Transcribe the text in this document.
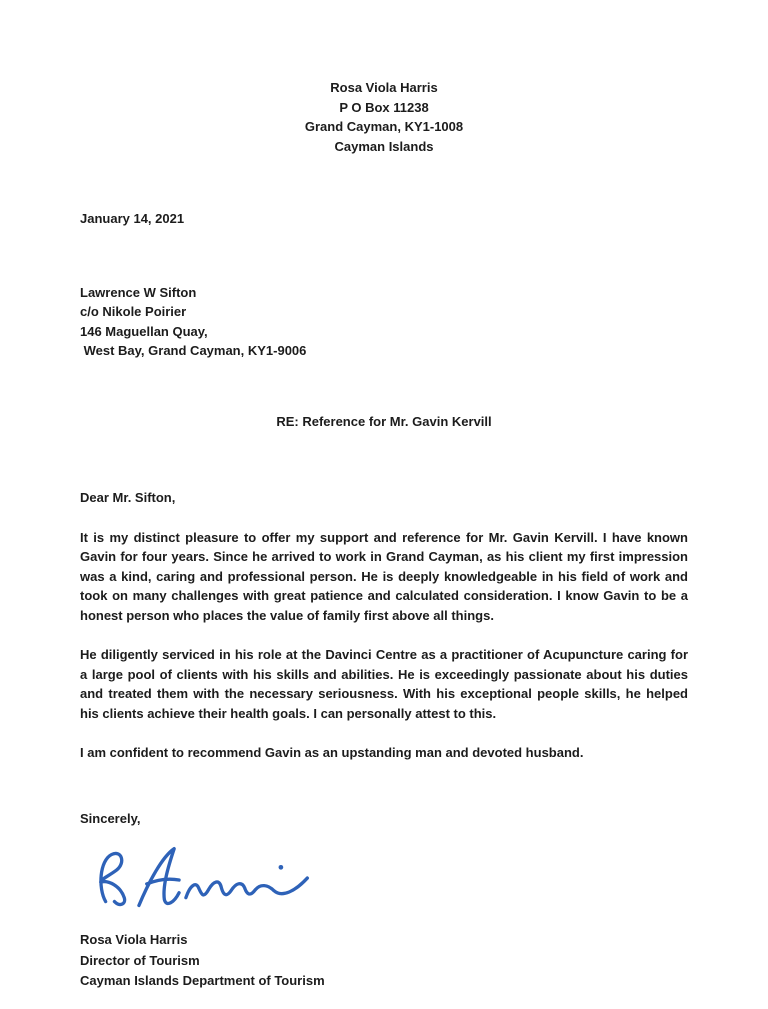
Rosa Viola Harris
P O Box 11238
Grand Cayman, KY1-1008
Cayman Islands
January 14, 2021
Lawrence W Sifton
c/o Nikole Poirier
146 Maguellan Quay,
West Bay, Grand Cayman, KY1-9006
RE: Reference for Mr. Gavin Kervill
Dear Mr. Sifton,

It is my distinct pleasure to offer my support and reference for Mr. Gavin Kervill. I have known Gavin for four years. Since he arrived to work in Grand Cayman, as his client my first impression was a kind, caring and professional person. He is deeply knowledgeable in his field of work and took on many challenges with great patience and calculated consideration. I know Gavin to be a honest person who places the value of family first above all things.

He diligently serviced in his role at the Davinci Centre as a practitioner of Acupuncture caring for a large pool of clients with his skills and abilities. He is exceedingly passionate about his duties and treated them with the necessary seriousness. With his exceptional people skills, he helped his clients achieve their health goals. I can personally attest to this.

I am confident to recommend Gavin as an upstanding man and devoted husband.

Sincerely,
Rosa Viola Harris
Director of Tourism
Cayman Islands Department of Tourism
